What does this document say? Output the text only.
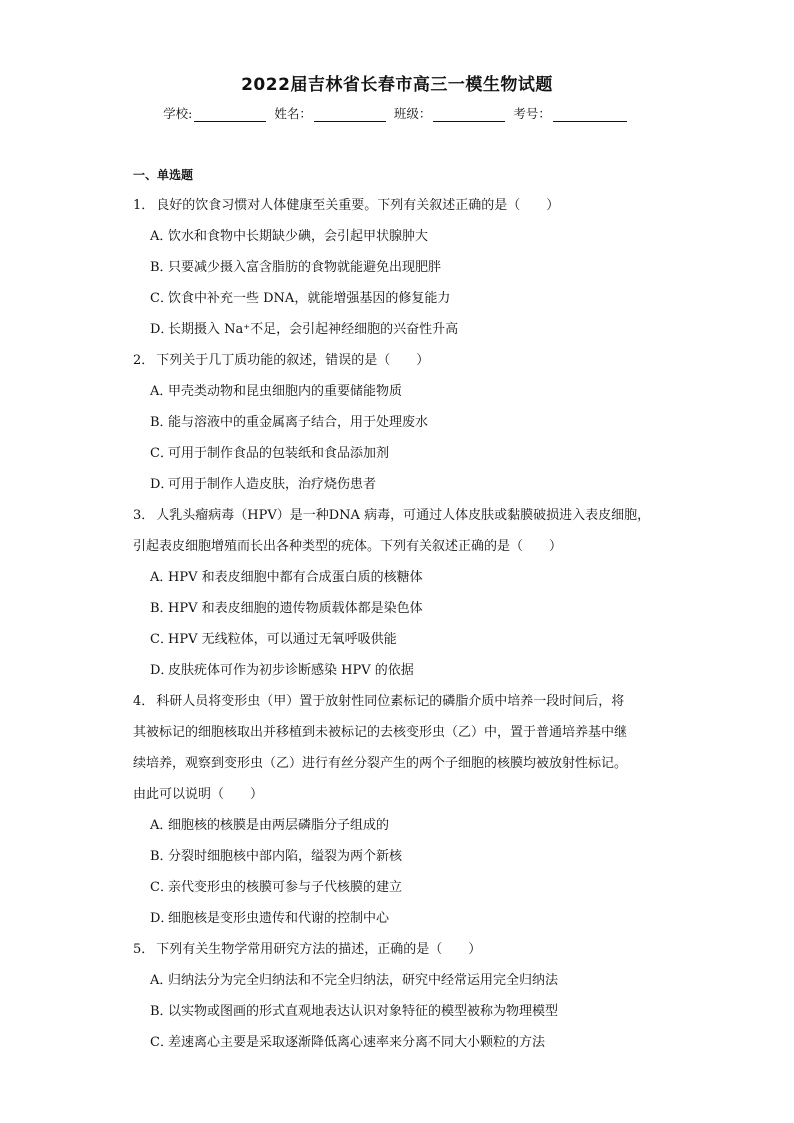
2022届吉林省长春市高三一模生物试题
学校:	姓名：	班级：	考号：
一、单选题

1． 良好的饮食习惯对人体健康至关重要。下列有关叙述正确的是（　　）

A．饮水和食物中长期缺少碘，会引起甲状腺肿大

B．只要减少摄入富含脂肪的食物就能避免出现肥胖

C．饮食中补充一些 DNA，就能增强基因的修复能力

D．长期摄入 Na⁺不足，会引起神经细胞的兴奋性升高

2． 下列关于几丁质功能的叙述，错误的是（　　）

A．甲壳类动物和昆虫细胞内的重要储能物质

B．能与溶液中的重金属离子结合，用于处理废水

C．可用于制作食品的包装纸和食品添加剂

D．可用于制作人造皮肤，治疗烧伤患者

3． 人乳头瘤病毒（HPV）是一种DNA 病毒，可通过人体皮肤或黏膜破损进入表皮细胞，

引起表皮细胞增殖而长出各种类型的疣体。下列有关叙述正确的是（　　）

A．HPV 和表皮细胞中都有合成蛋白质的核糖体

B．HPV 和表皮细胞的遗传物质载体都是染色体

C．HPV 无线粒体，可以通过无氧呼吸供能

D．皮肤疣体可作为初步诊断感染 HPV 的依据

4． 科研人员将变形虫（甲）置于放射性同位素标记的磷脂介质中培养一段时间后，将

其被标记的细胞核取出并移植到未被标记的去核变形虫（乙）中，置于普通培养基中继

续培养，观察到变形虫（乙）进行有丝分裂产生的两个子细胞的核膜均被放射性标记。

由此可以说明（　　）

A．细胞核的核膜是由两层磷脂分子组成的

B．分裂时细胞核中部内陷，缢裂为两个新核

C．亲代变形虫的核膜可参与子代核膜的建立

D．细胞核是变形虫遗传和代谢的控制中心

5． 下列有关生物学常用研究方法的描述，正确的是（　　）

A．归纳法分为完全归纳法和不完全归纳法，研究中经常运用完全归纳法

B．以实物或图画的形式直观地表达认识对象特征的模型被称为物理模型

C．差速离心主要是采取逐渐降低离心速率来分离不同大小颗粒的方法
